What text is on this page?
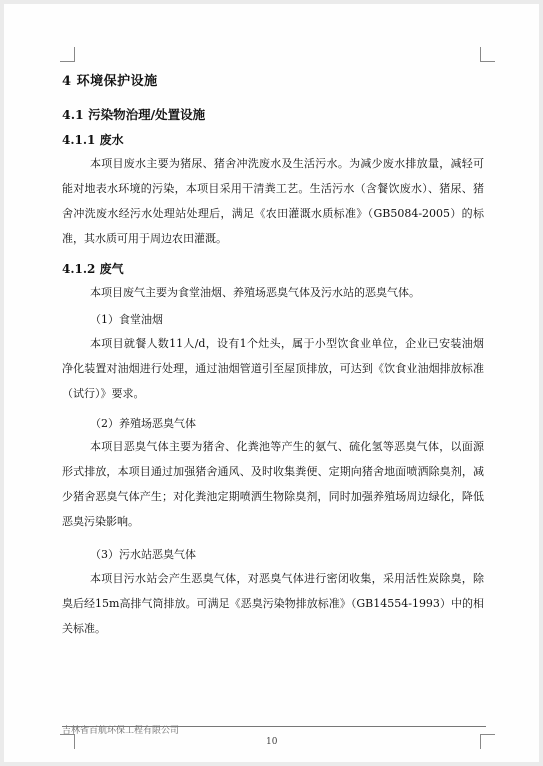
4 环境保护设施
4.1 污染物治理/处置设施
4.1.1 废水
本项目废水主要为猪尿、猪舍冲洗废水及生活污水。为减少废水排放量，减轻可能对地表水环境的污染，本项目采用干清粪工艺。生活污水（含餐饮废水）、猪尿、猪舍冲洗废水经污水处理站处理后，满足《农田灌溉水质标准》（GB5084-2005）的标准，其水质可用于周边农田灌溉。
4.1.2 废气
本项目废气主要为食堂油烟、养殖场恶臭气体及污水站的恶臭气体。
（1）食堂油烟
本项目就餐人数11人/d，设有1个灶头，属于小型饮食业单位，企业已安装油烟净化装置对油烟进行处理，通过油烟管道引至屋顶排放，可达到《饮食业油烟排放标准（试行）》要求。
（2）养殖场恶臭气体
本项目恶臭气体主要为猪舍、化粪池等产生的氨气、硫化氢等恶臭气体，以面源形式排放，本项目通过加强猪舍通风、及时收集粪便、定期向猪舍地面喷洒除臭剂，减少猪舍恶臭气体产生；对化粪池定期喷洒生物除臭剂，同时加强养殖场周边绿化，降低恶臭污染影响。
（3）污水站恶臭气体
本项目污水站会产生恶臭气体，对恶臭气体进行密闭收集，采用活性炭除臭，除臭后经15m高排气筒排放。可满足《恶臭污染物排放标准》（GB14554-1993）中的相关标准。
吉林省百航环保工程有限公司
10
